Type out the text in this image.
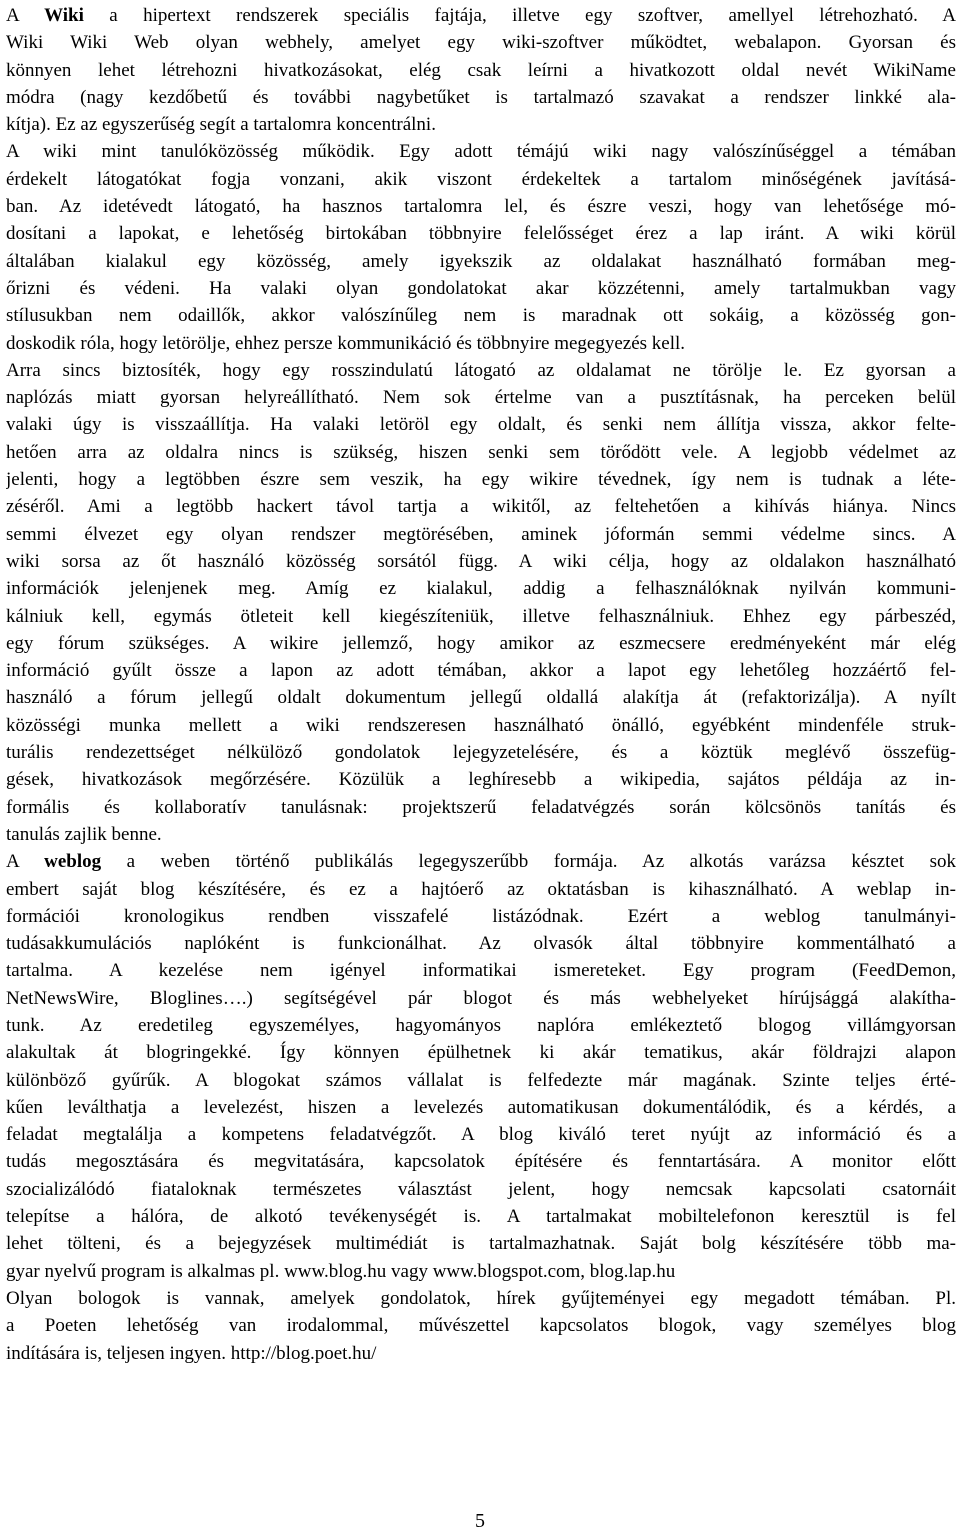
A Wiki a hipertext rendszerek speciális fajtája, illetve egy szoftver, amellyel létrehozható. A
Wiki Wiki Web olyan webhely, amelyet egy wiki-szoftver működtet, webalapon. Gyorsan és
könnyen lehet létrehozni hivatkozásokat, elég csak leírni a hivatkozott oldal nevét WikiName
módra (nagy kezdőbetű és további nagybetűket is tartalmazó szavakat a rendszer linkké ala-
kítja). Ez az egyszerűség segít a tartalomra koncentrálni.
A wiki mint tanulóközösség működik. Egy adott témájú wiki nagy valószínűséggel a témában
érdekelt látogatókat fogja vonzani, akik viszont érdekeltek a tartalom minőségének javításá-
ban. Az idetévedt látogató, ha hasznos tartalomra lel, és észre veszi, hogy van lehetősége mó-
dosítani a lapokat, e lehetőség birtokában többnyire felelősséget érez a lap iránt. A wiki körül
általában kialakul egy közösség, amely igyekszik az oldalakat használható formában meg-
őrizni és védeni. Ha valaki olyan gondolatokat akar közzétenni, amely tartalmukban vagy
stílusukban nem odaillők, akkor valószínűleg nem is maradnak ott sokáig, a közösség gon-
doskodik róla, hogy letörölje, ehhez persze kommunikáció és többnyire megegyezés kell.
Arra sincs biztosíték, hogy egy rosszindulatú látogató az oldalamat ne törölje le. Ez gyorsan a
naplózás miatt gyorsan helyreállítható. Nem sok értelme van a pusztításnak, ha perceken belül
valaki úgy is visszaállítja. Ha valaki letöröl egy oldalt, és senki nem állítja vissza, akkor felte-
hetően arra az oldalra nincs is szükség, hiszen senki sem törődött vele. A legjobb védelmet az
jelenti, hogy a legtöbben észre sem veszik, ha egy wikire tévednek, így nem is tudnak a léte-
zéséről. Ami a legtöbb hackert távol tartja a wikitől, az feltehetően a kihívás hiánya. Nincs
semmi élvezet egy olyan rendszer megtörésében, aminek jóformán semmi védelme sincs. A
wiki sorsa az őt használó közösség sorsától függ. A wiki célja, hogy az oldalakon használható
információk jelenjenek meg. Amíg ez kialakul, addig a felhasználóknak nyilván kommuni-
kálniuk kell, egymás ötleteit kell kiegészíteniük, illetve felhasználniuk. Ehhez egy párbeszéd,
egy fórum szükséges. A wikire jellemző, hogy amikor az eszmecsere eredményeként már elég
információ gyűlt össze a lapon az adott témában, akkor a lapot egy lehetőleg hozzáértő fel-
használó a fórum jellegű oldalt dokumentum jellegű oldallá alakítja át (refaktorizálja). A nyílt
közösségi munka mellett a wiki rendszeresen használható önálló, egyébként mindenféle struk-
turális rendezettséget nélkülöző gondolatok lejegyzetelésére, és a köztük meglévő összefüg-
gések, hivatkozások megőrzésére. Közülük a leghíresebb a wikipedia, sajátos példája az in-
formális és kollaboratív tanulásnak: projektszerű feladatvégzés során kölcsönös tanítás és
tanulás zajlik benne.
A weblog a weben történő publikálás legegyszerűbb formája. Az alkotás varázsa késztet sok
embert saját blog készítésére, és ez a hajtóerő az oktatásban is kihasználható. A weblap in-
formációi kronologikus rendben visszafelé listázódnak. Ezért a weblog tanulmányi-
tudásakkumulációs naplóként is funkcionálhat. Az olvasók által többnyire kommentálható a
tartalma. A kezelése nem igényel informatikai ismereteket. Egy program (FeedDemon,
NetNewsWire, Bloglines….) segítségével pár blogot és más webhelyeket hírújsággá alakítha-
tunk. Az eredetileg egyszemélyes, hagyományos naplóra emlékeztető blogog villámgyorsan
alakultak át blogringekké. Így könnyen épülhetnek ki akár tematikus, akár földrajzi alapon
különböző gyűrűk. A blogokat számos vállalat is felfedezte már magának. Szinte teljes érté-
kűen leválthatja a levelezést, hiszen a levelezés automatikusan dokumentálódik, és a kérdés, a
feladat megtalálja a kompetens feladatvégzőt. A blog kiváló teret nyújt az információ és a
tudás megosztására és megvitatására, kapcsolatok építésére és fenntartására. A monitor előtt
szocializálódó fiataloknak természetes választást jelent, hogy nemcsak kapcsolati csatornáit
telepítse a hálóra, de alkotó tevékenységét is. A tartalmakat mobiltelefonon keresztül is fel
lehet tölteni, és a bejegyzések multimédiát is tartalmazhatnak. Saját bolg készítésére több ma-
gyar nyelvű program is alkalmas pl. www.blog.hu vagy www.blogspot.com, blog.lap.hu
Olyan bologok is vannak, amelyek gondolatok, hírek gyűjteményei egy megadott témában. Pl.
a Poeten lehetőség van irodalommal, művészettel kapcsolatos blogok, vagy személyes blog
indítására is, teljesen ingyen. http://blog.poet.hu/
5
